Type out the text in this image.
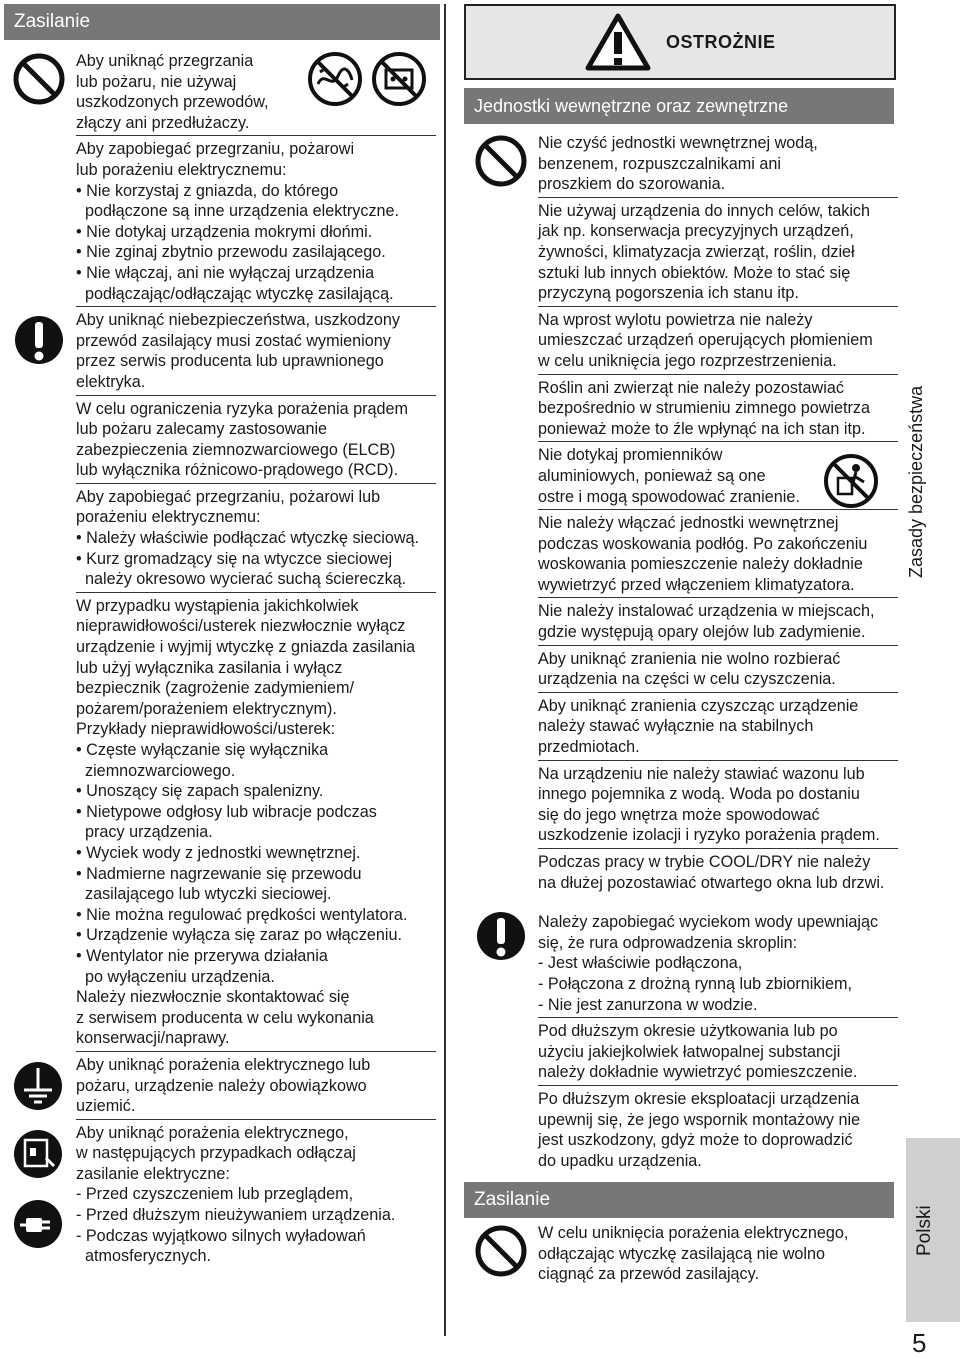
Zasilanie
Aby uniknąć przegrzania
lub pożaru, nie używaj
uszkodzonych przewodów,
złączy ani przedłużaczy.
Aby zapobiegać przegrzaniu, pożarowi
lub porażeniu elektrycznemu:
• Nie korzystaj z gniazda, do którego
podłączone są inne urządzenia elektryczne.
• Nie dotykaj urządzenia mokrymi dłońmi.
• Nie zginaj zbytnio przewodu zasilającego.
• Nie włączaj, ani nie wyłączaj urządzenia
podłączając/odłączając wtyczkę zasilającą.
Aby uniknąć niebezpieczeństwa, uszkodzony
przewód zasilający musi zostać wymieniony
przez serwis producenta lub uprawnionego
elektryka.
W celu ograniczenia ryzyka porażenia prądem
lub pożaru zalecamy zastosowanie
zabezpieczenia ziemnozwarciowego (ELCB)
lub wyłącznika różnicowo-prądowego (RCD).
Aby zapobiegać przegrzaniu, pożarowi lub
porażeniu elektrycznemu:
• Należy właściwie podłączać wtyczkę sieciową.
• Kurz gromadzący się na wtyczce sieciowej
należy okresowo wycierać suchą ściereczką.
W przypadku wystąpienia jakichkolwiek
nieprawidłowości/usterek niezwłocznie wyłącz
urządzenie i wyjmij wtyczkę z gniazda zasilania
lub użyj wyłącznika zasilania i wyłącz
bezpiecznik (zagrożenie zadymieniem/
pożarem/porażeniem elektrycznym).
Przykłady nieprawidłowości/usterek:
• Częste wyłączanie się wyłącznika
ziemnozwarciowego.
• Unoszący się zapach spalenizny.
• Nietypowe odgłosy lub wibracje podczas
pracy urządzenia.
• Wyciek wody z jednostki wewnętrznej.
• Nadmierne nagrzewanie się przewodu
zasilającego lub wtyczki sieciowej.
• Nie można regulować prędkości wentylatora.
• Urządzenie wyłącza się zaraz po włączeniu.
• Wentylator nie przerywa działania
po wyłączeniu urządzenia.
Należy niezwłocznie skontaktować się
z serwisem producenta w celu wykonania
konserwacji/naprawy.
Aby uniknąć porażenia elektrycznego lub
pożaru, urządzenie należy obowiązkowo
uziemić.
Aby uniknąć porażenia elektrycznego,
w następujących przypadkach odłączaj
zasilanie elektryczne:
- Przed czyszczeniem lub przeglądem,
- Przed dłuższym nieużywaniem urządzenia.
- Podczas wyjątkowo silnych wyładowań
atmosferycznych.
OSTROŻNIE
Jednostki wewnętrzne oraz zewnętrzne
Nie czyść jednostki wewnętrznej wodą,
benzenem, rozpuszczalnikami ani
proszkiem do szorowania.
Nie używaj urządzenia do innych celów, takich
jak np. konserwacja precyzyjnych urządzeń,
żywności, klimatyzacja zwierząt, roślin, dzieł
sztuki lub innych obiektów. Może to stać się
przyczyną pogorszenia ich stanu itp.
Na wprost wylotu powietrza nie należy
umieszczać urządzeń operujących płomieniem
w celu uniknięcia jego rozprzestrzenienia.
Roślin ani zwierząt nie należy pozostawiać
bezpośrednio w strumieniu zimnego powietrza
ponieważ może to źle wpłynąć na ich stan itp.
Nie dotykaj promienników
aluminiowych, ponieważ są one
ostre i mogą spowodować zranienie.
Nie należy włączać jednostki wewnętrznej
podczas woskowania podłóg. Po zakończeniu
woskowania pomieszczenie należy dokładnie
wywietrzyć przed włączeniem klimatyzatora.
Nie należy instalować urządzenia w miejscach,
gdzie występują opary olejów lub zadymienie.
Aby uniknąć zranienia nie wolno rozbierać
urządzenia na części w celu czyszczenia.
Aby uniknąć zranienia czyszcząc urządzenie
należy stawać wyłącznie na stabilnych
przedmiotach.
Na urządzeniu nie należy stawiać wazonu lub
innego pojemnika z wodą. Woda po dostaniu
się do jego wnętrza może spowodować
uszkodzenie izolacji i ryzyko porażenia prądem.
Podczas pracy w trybie COOL/DRY nie należy
na dłużej pozostawiać otwartego okna lub drzwi.
Należy zapobiegać wyciekom wody upewniając
się, że rura odprowadzenia skroplin:
- Jest właściwie podłączona,
- Połączona z drożną rynną lub zbiornikiem,
- Nie jest zanurzona w wodzie.
Pod dłuższym okresie użytkowania lub po
użyciu jakiejkolwiek łatwopalnej substancji
należy dokładnie wywietrzyć pomieszczenie.
Po dłuższym okresie eksploatacji urządzenia
upewnij się, że jego wspornik montażowy nie
jest uszkodzony, gdyż może to doprowadzić
do upadku urządzenia.
Zasilanie
W celu uniknięcia porażenia elektrycznego,
odłączając wtyczkę zasilającą nie wolno
ciągnąć za przewód zasilający.
Zasady bezpieczeństwa
Polski
5
